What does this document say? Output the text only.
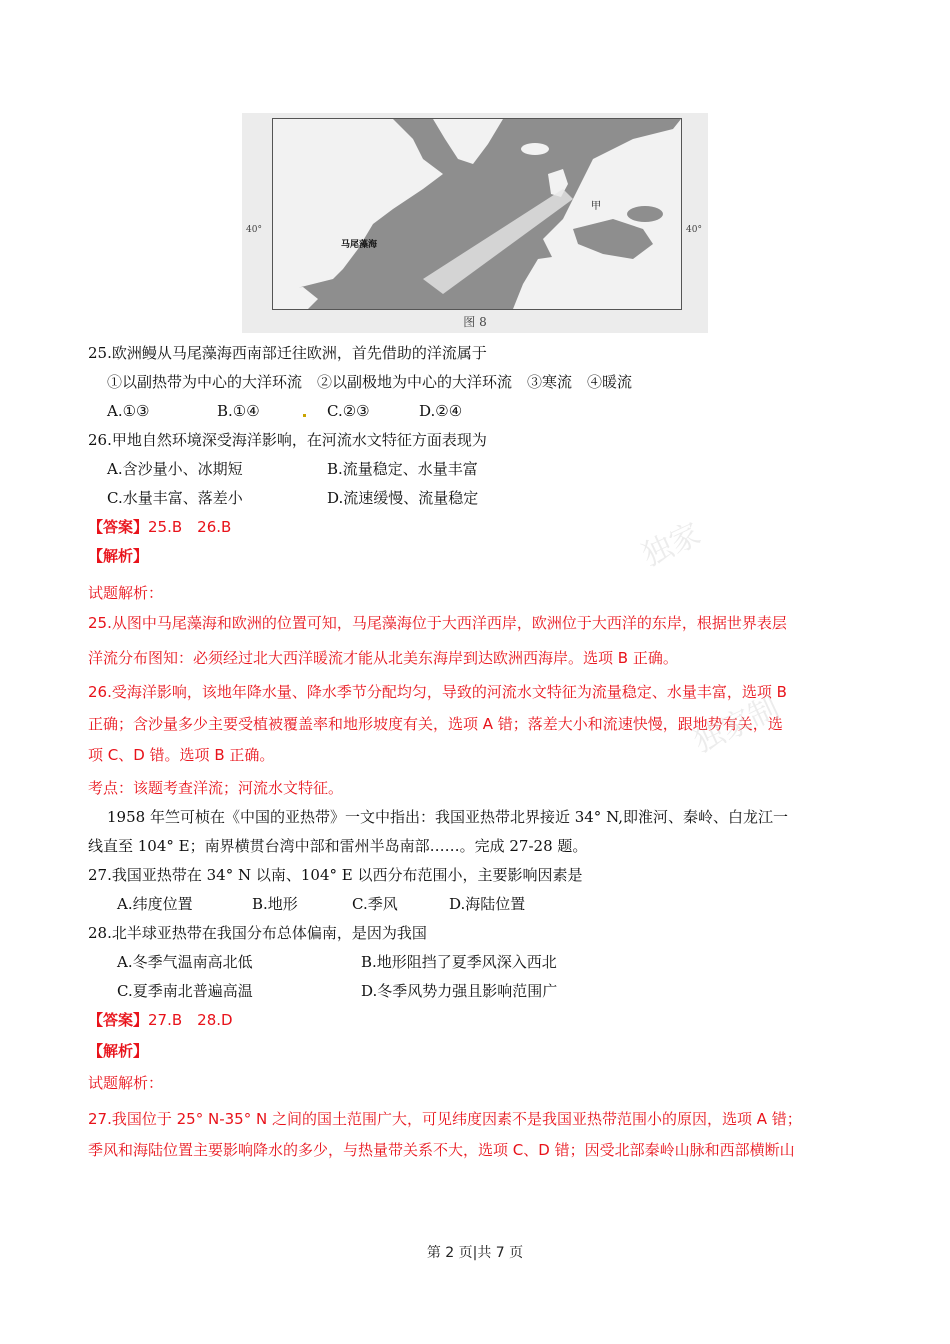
马尾藻海
甲
40°	40°
图 8
25.欧洲鳗从马尾藻海西南部迁往欧洲，首先借助的洋流属于
①以副热带为中心的大洋环流　②以副极地为中心的大洋环流　③寒流　④暖流
A.①③	B.①④	C.②③	D.②④
26.甲地自然环境深受海洋影响，在河流水文特征方面表现为
A.含沙量小、冰期短	B.流量稳定、水量丰富
C.水量丰富、落差小	D.流速缓慢、流量稳定
【答案】25.B　26.B
【解析】
试题解析：
25.从图中马尾藻海和欧洲的位置可知，马尾藻海位于大西洋西岸，欧洲位于大西洋的东岸，根据世界表层
洋流分布图知：必须经过北大西洋暖流才能从北美东海岸到达欧洲西海岸。选项 B 正确。
26.受海洋影响，该地年降水量、降水季节分配均匀，导致的河流水文特征为流量稳定、水量丰富，选项 B
正确；含沙量多少主要受植被覆盖率和地形坡度有关，选项 A 错；落差大小和流速快慢，跟地势有关，选
项 C、D 错。选项 B 正确。
考点：该题考查洋流；河流水文特征。
1958 年竺可桢在《中国的亚热带》一文中指出：我国亚热带北界接近 34° N,即淮河、秦岭、白龙江一
线直至 104° E；南界横贯台湾中部和雷州半岛南部……。完成 27-28 题。
27.我国亚热带在 34° N 以南、104° E 以西分布范围小，主要影响因素是
A.纬度位置	B.地形	C.季风	D.海陆位置
28.北半球亚热带在我国分布总体偏南，是因为我国
A.冬季气温南高北低	B.地形阻挡了夏季风深入西北
C.夏季南北普遍高温	D.冬季风势力强且影响范围广
【答案】27.B　28.D
【解析】
试题解析：
27.我国位于 25° N-35° N 之间的国土范围广大，可见纬度因素不是我国亚热带范围小的原因，选项 A 错；
季风和海陆位置主要影响降水的多少，与热量带关系不大，选项 C、D 错；因受北部秦岭山脉和西部横断山
独家
独家制
第 2 页|共 7 页
